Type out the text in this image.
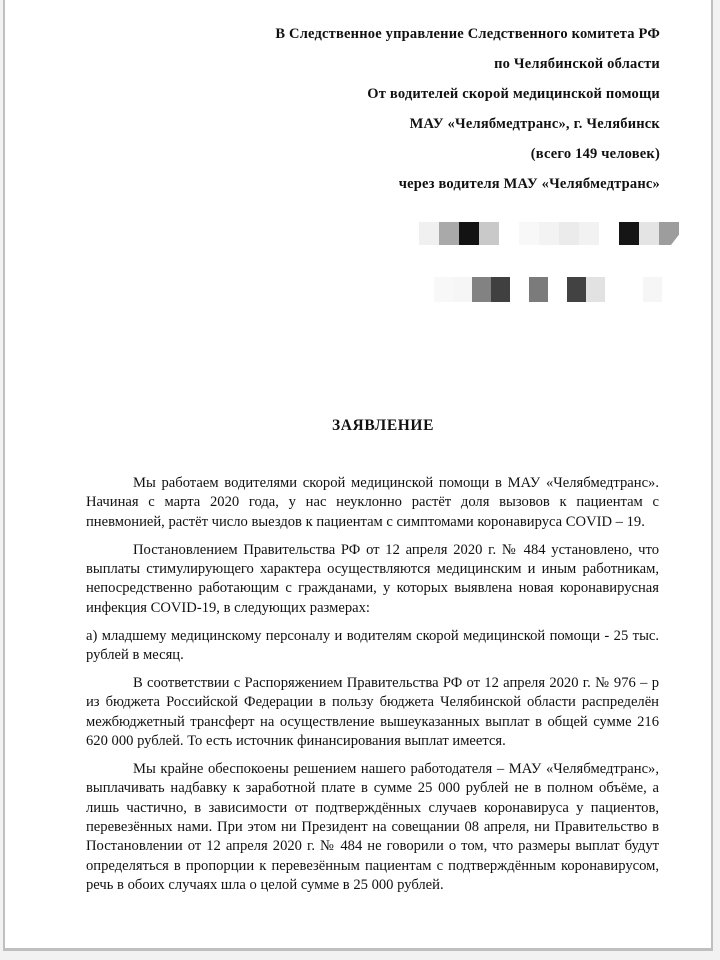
В Следственное управление Следственного комитета РФ
по Челябинской области
От водителей скорой медицинской помощи
МАУ «Челябмедтранс», г. Челябинск
(всего 149 человек)
через водителя МАУ «Челябмедтранс»
ЗАЯВЛЕНИЕ

Мы работаем водителями скорой медицинской помощи в МАУ «Челябмедтранс». Начиная с марта 2020 года, у нас неуклонно растёт доля вызовов к пациентам с пневмонией, растёт число выездов к пациентам с симптомами коронавируса COVID – 19.

Постановлением Правительства РФ от 12 апреля 2020 г. № 484 установлено, что выплаты стимулирующего характера осуществляются медицинским и иным работникам, непосредственно работающим с гражданами, у которых выявлена новая коронавирусная инфекция COVID-19, в следующих размерах:

а) младшему медицинскому персоналу и водителям скорой медицинской помощи - 25 тыс. рублей в месяц.

В соответствии с Распоряжением Правительства РФ от 12 апреля 2020 г. № 976 – р из бюджета Российской Федерации в пользу бюджета Челябинской области распределён межбюджетный трансферт на осуществление вышеуказанных выплат в общей сумме 216 620 000 рублей. То есть источник финансирования выплат имеется.

Мы крайне обеспокоены решением нашего работодателя – МАУ «Челябмедтранс», выплачивать надбавку к заработной плате в сумме 25 000 рублей не в полном объёме, а лишь частично, в зависимости от подтверждённых случаев коронавируса у пациентов, перевезённых нами. При этом ни Президент на совещании 08 апреля, ни Правительство в Постановлении от 12 апреля 2020 г. № 484 не говорили о том, что размеры выплат будут определяться в пропорции к перевезённым пациентам с подтверждённым коронавирусом, речь в обоих случаях шла о целой сумме в 25 000 рублей.
